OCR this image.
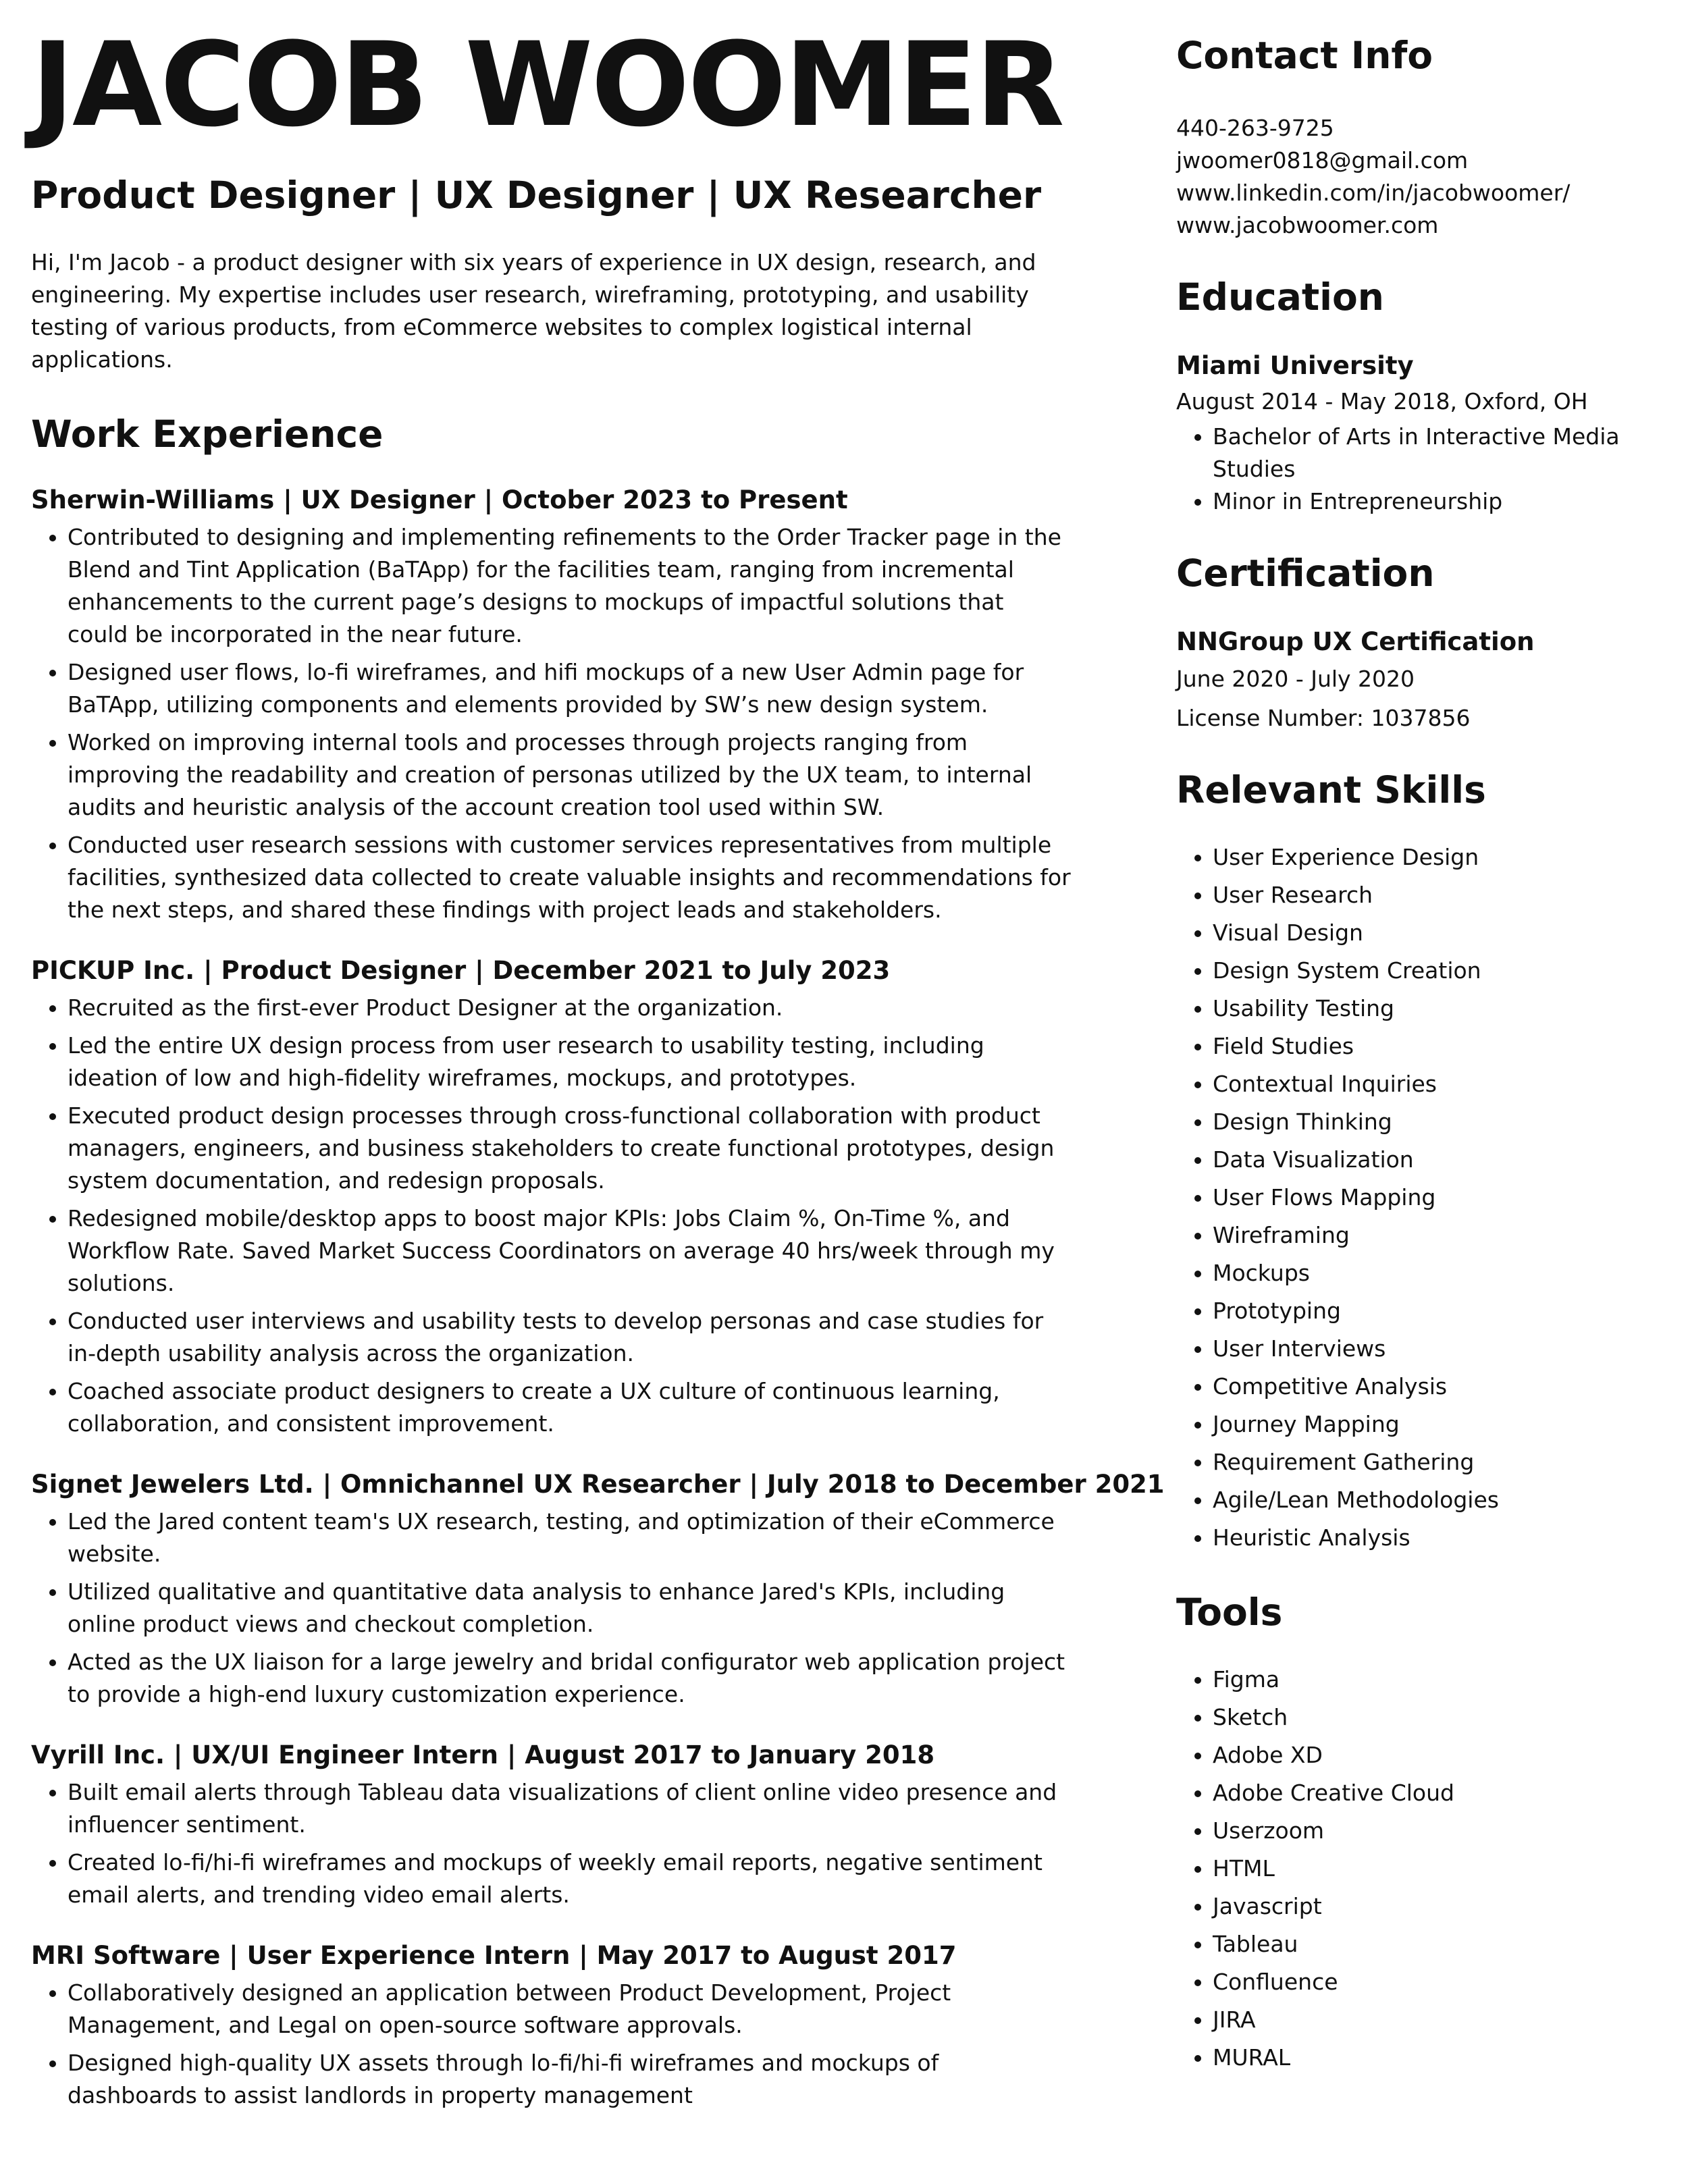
JACOB WOOMER
Product Designer | UX Designer | UX Researcher

Hi, I'm Jacob - a product designer with six years of experience in UX design, research, and engineering. My expertise includes user research, wireframing, prototyping, and usability testing of various products, from eCommerce websites to complex logistical internal applications.

Work Experience
Sherwin-Williams | UX Designer | October 2023 to Present
• Contributed to designing and implementing refinements to the Order Tracker page in the Blend and Tint Application (BaTApp) for the facilities team, ranging from incremental enhancements to the current page’s designs to mockups of impactful solutions that could be incorporated in the near future.
• Designed user flows, lo-fi wireframes, and hifi mockups of a new User Admin page for BaTApp, utilizing components and elements provided by SW’s new design system.
• Worked on improving internal tools and processes through projects ranging from improving the readability and creation of personas utilized by the UX team, to internal audits and heuristic analysis of the account creation tool used within SW.
• Conducted user research sessions with customer services representatives from multiple facilities, synthesized data collected to create valuable insights and recommendations for the next steps, and shared these findings with project leads and stakeholders.
PICKUP Inc. | Product Designer | December 2021 to July 2023
• Recruited as the first-ever Product Designer at the organization.
• Led the entire UX design process from user research to usability testing, including ideation of low and high-fidelity wireframes, mockups, and prototypes.
• Executed product design processes through cross-functional collaboration with product managers, engineers, and business stakeholders to create functional prototypes, design system documentation, and redesign proposals.
• Redesigned mobile/desktop apps to boost major KPIs: Jobs Claim %, On-Time %, and Workflow Rate. Saved Market Success Coordinators on average 40 hrs/week through my solutions.
• Conducted user interviews and usability tests to develop personas and case studies for in-depth usability analysis across the organization.
• Coached associate product designers to create a UX culture of continuous learning, collaboration, and consistent improvement.
Signet Jewelers Ltd. | Omnichannel UX Researcher | July 2018 to December 2021
• Led the Jared content team's UX research, testing, and optimization of their eCommerce website.
• Utilized qualitative and quantitative data analysis to enhance Jared's KPIs, including online product views and checkout completion.
• Acted as the UX liaison for a large jewelry and bridal configurator web application project to provide a high-end luxury customization experience.
Vyrill Inc. | UX/UI Engineer Intern | August 2017 to January 2018
• Built email alerts through Tableau data visualizations of client online video presence and influencer sentiment.
• Created lo-fi/hi-fi wireframes and mockups of weekly email reports, negative sentiment email alerts, and trending video email alerts.
MRI Software | User Experience Intern | May 2017 to August 2017
• Collaboratively designed an application between Product Development, Project Management, and Legal on open-source software approvals.
• Designed high-quality UX assets through lo-fi/hi-fi wireframes and mockups of dashboards to assist landlords in property management
Contact Info
440-263-9725
jwoomer0818@gmail.com
www.linkedin.com/in/jacobwoomer/
www.jacobwoomer.com
Education
Miami University
August 2014 - May 2018, Oxford, OH
• Bachelor of Arts in Interactive Media Studies
• Minor in Entrepreneurship
Certification
NNGroup UX Certification
June 2020 - July 2020
License Number: 1037856
Relevant Skills
• User Experience Design
• User Research
• Visual Design
• Design System Creation
• Usability Testing
• Field Studies
• Contextual Inquiries
• Design Thinking
• Data Visualization
• User Flows Mapping
• Wireframing
• Mockups
• Prototyping
• User Interviews
• Competitive Analysis
• Journey Mapping
• Requirement Gathering
• Agile/Lean Methodologies
• Heuristic Analysis
Tools
• Figma
• Sketch
• Adobe XD
• Adobe Creative Cloud
• Userzoom
• HTML
• Javascript
• Tableau
• Confluence
• JIRA
• MURAL
